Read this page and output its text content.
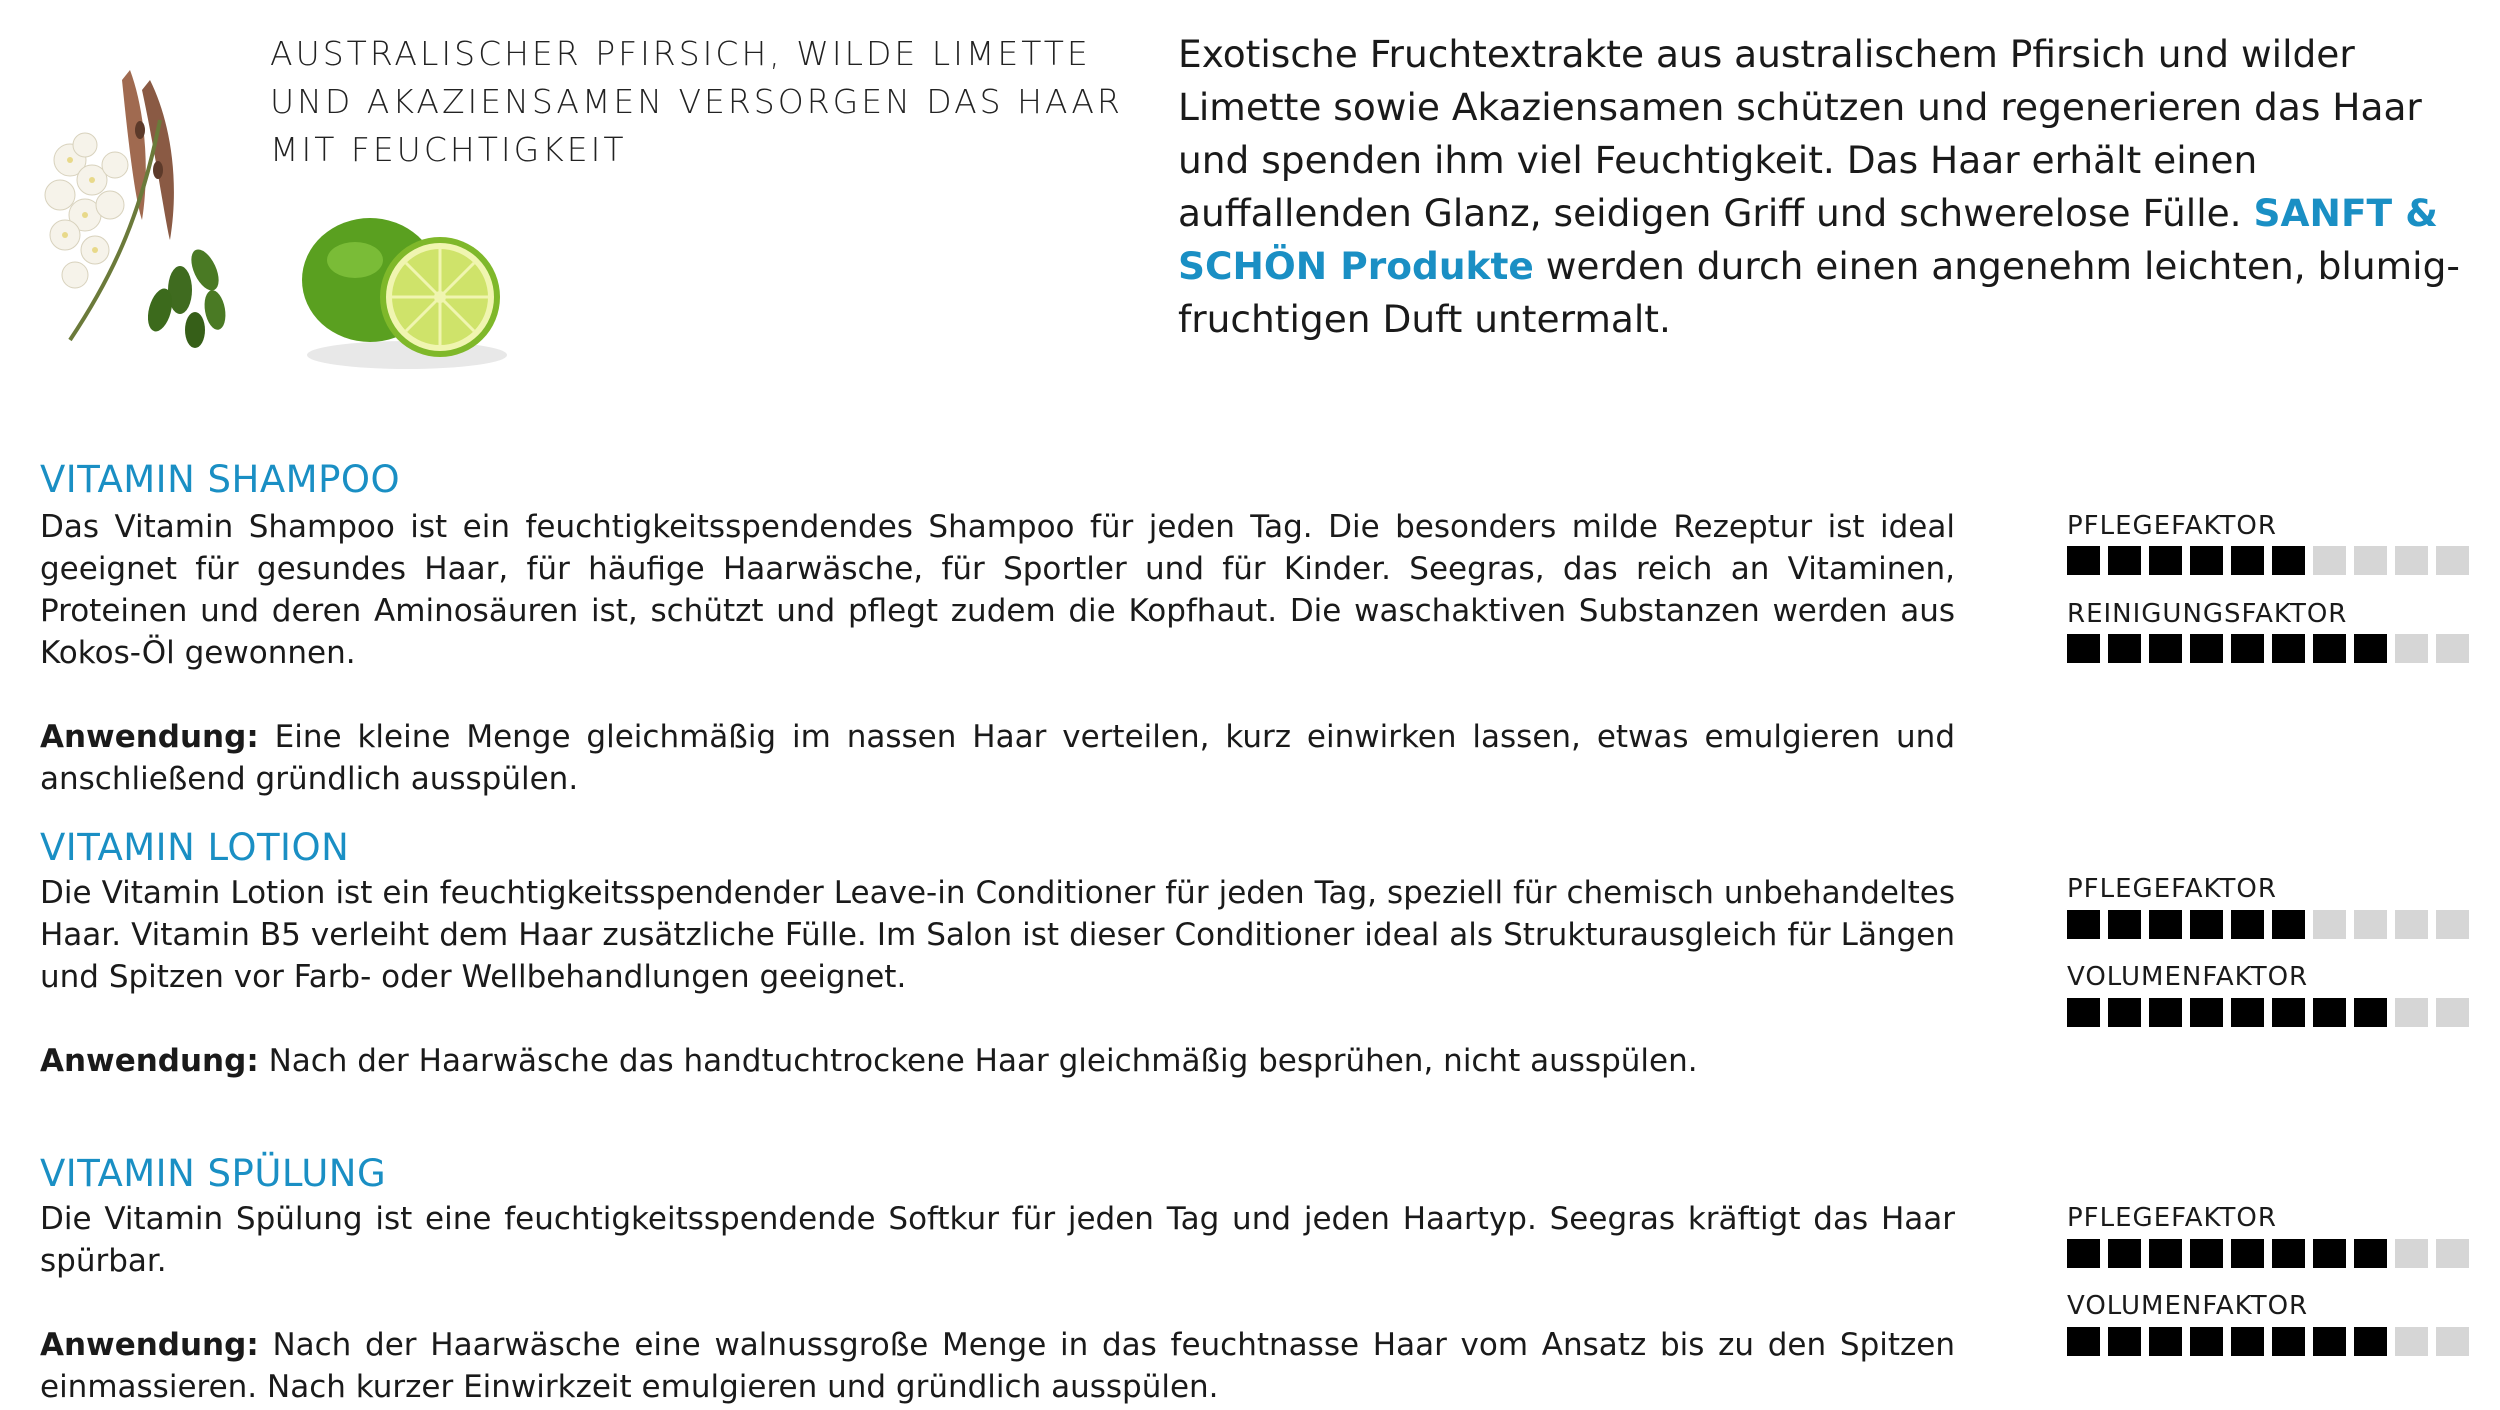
AUSTRALISCHER PFIRSICH, WILDE LIMETTE
UND AKAZIENSAMEN VERSORGEN DAS HAAR
MIT FEUCHTIGKEIT
Exotische Fruchtextrakte aus australischem Pfirsich und wilder Limette sowie Akaziensamen schützen und regenerieren das Haar und spenden ihm viel Feuchtigkeit. Das Haar erhält einen auffallenden Glanz, seidigen Griff und schwerelose Fülle. SANFT & SCHÖN Produkte werden durch einen angenehm leichten, blumig-fruchtigen Duft untermalt.
VITAMIN SHAMPOO

Das Vitamin Shampoo ist ein feuchtigkeitsspendendes Shampoo für jeden Tag. Die besonders milde Rezeptur ist ideal geeignet für gesundes Haar, für häufige Haarwäsche, für Sportler und für Kinder. Seegras, das reich an Vitaminen, Proteinen und deren Aminosäuren ist, schützt und pflegt zudem die Kopfhaut. Die waschaktiven Substanzen werden aus Kokos-Öl gewonnen.

Anwendung: Eine kleine Menge gleichmäßig im nassen Haar verteilen, kurz einwirken lassen, etwas emulgieren und anschließend gründlich ausspülen.

PFLEGEFAKTOR
REINIGUNGSFAKTOR
VITAMIN LOTION

Die Vitamin Lotion ist ein feuchtigkeitsspendender Leave-in Conditioner für jeden Tag, speziell für chemisch unbehandeltes Haar. Vitamin B5 verleiht dem Haar zusätzliche Fülle. Im Salon ist dieser Conditioner ideal als Strukturausgleich für Längen und Spitzen vor Farb- oder Wellbehandlungen geeignet.

Anwendung: Nach der Haarwäsche das handtuchtrockene Haar gleichmäßig besprühen, nicht ausspülen.

PFLEGEFAKTOR
VOLUMENFAKTOR
VITAMIN SPÜLUNG

Die Vitamin Spülung ist eine feuchtigkeitsspendende Softkur für jeden Tag und jeden Haartyp. Seegras kräftigt das Haar spürbar.

Anwendung: Nach der Haarwäsche eine walnussgroße Menge in das feuchtnasse Haar vom Ansatz bis zu den Spitzen einmassieren. Nach kurzer Einwirkzeit emulgieren und gründlich ausspülen.

PFLEGEFAKTOR
VOLUMENFAKTOR
